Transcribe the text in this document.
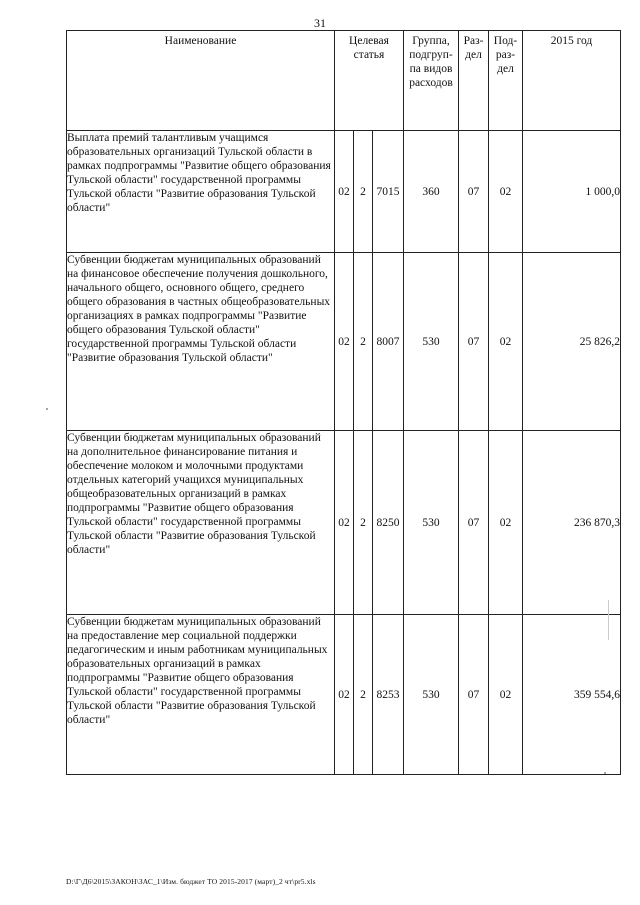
31
Наименование	Целевая статья			Группа, подгруп-па видов расходов	Раз-дел	Под-раз-дел	2015 год
Выплата премий талантливым учащимся образовательных организаций Тульской области в рамках подпрограммы "Развитие общего образования Тульской области" государственной программы Тульской области "Развитие образования Тульской области"	02	2	7015	360	07	02	1 000,0
Субвенции бюджетам муниципальных образований на финансовое обеспечение получения дошкольного, начального общего, основного общего, среднего общего образования в частных общеобразовательных организациях в рамках подпрограммы "Развитие общего образования Тульской области" государственной программы Тульской области "Развитие образования Тульской области"	02	2	8007	530	07	02	25 826,2
Субвенции бюджетам муниципальных образований на дополнительное финансирование питания и обеспечение молоком и молочными продуктами отдельных категорий учащихся муниципальных общеобразовательных организаций в рамках подпрограммы "Развитие общего образования Тульской области" государственной программы Тульской области "Развитие образования Тульской области"	02	2	8250	530	07	02	236 870,3
Субвенции бюджетам муниципальных образований на предоставление мер социальной поддержки педагогическим и иным работникам муниципальных образовательных организаций в рамках подпрограммы "Развитие общего образования Тульской области" государственной программы Тульской области "Развитие образования Тульской области"	02	2	8253	530	07	02	359 554,6
D:\Г\Д6\2015\ЗАКОН\ЗАС_1\Изм. бюджет ТО 2015-2017 (март)_2 чт\pr5.xls
